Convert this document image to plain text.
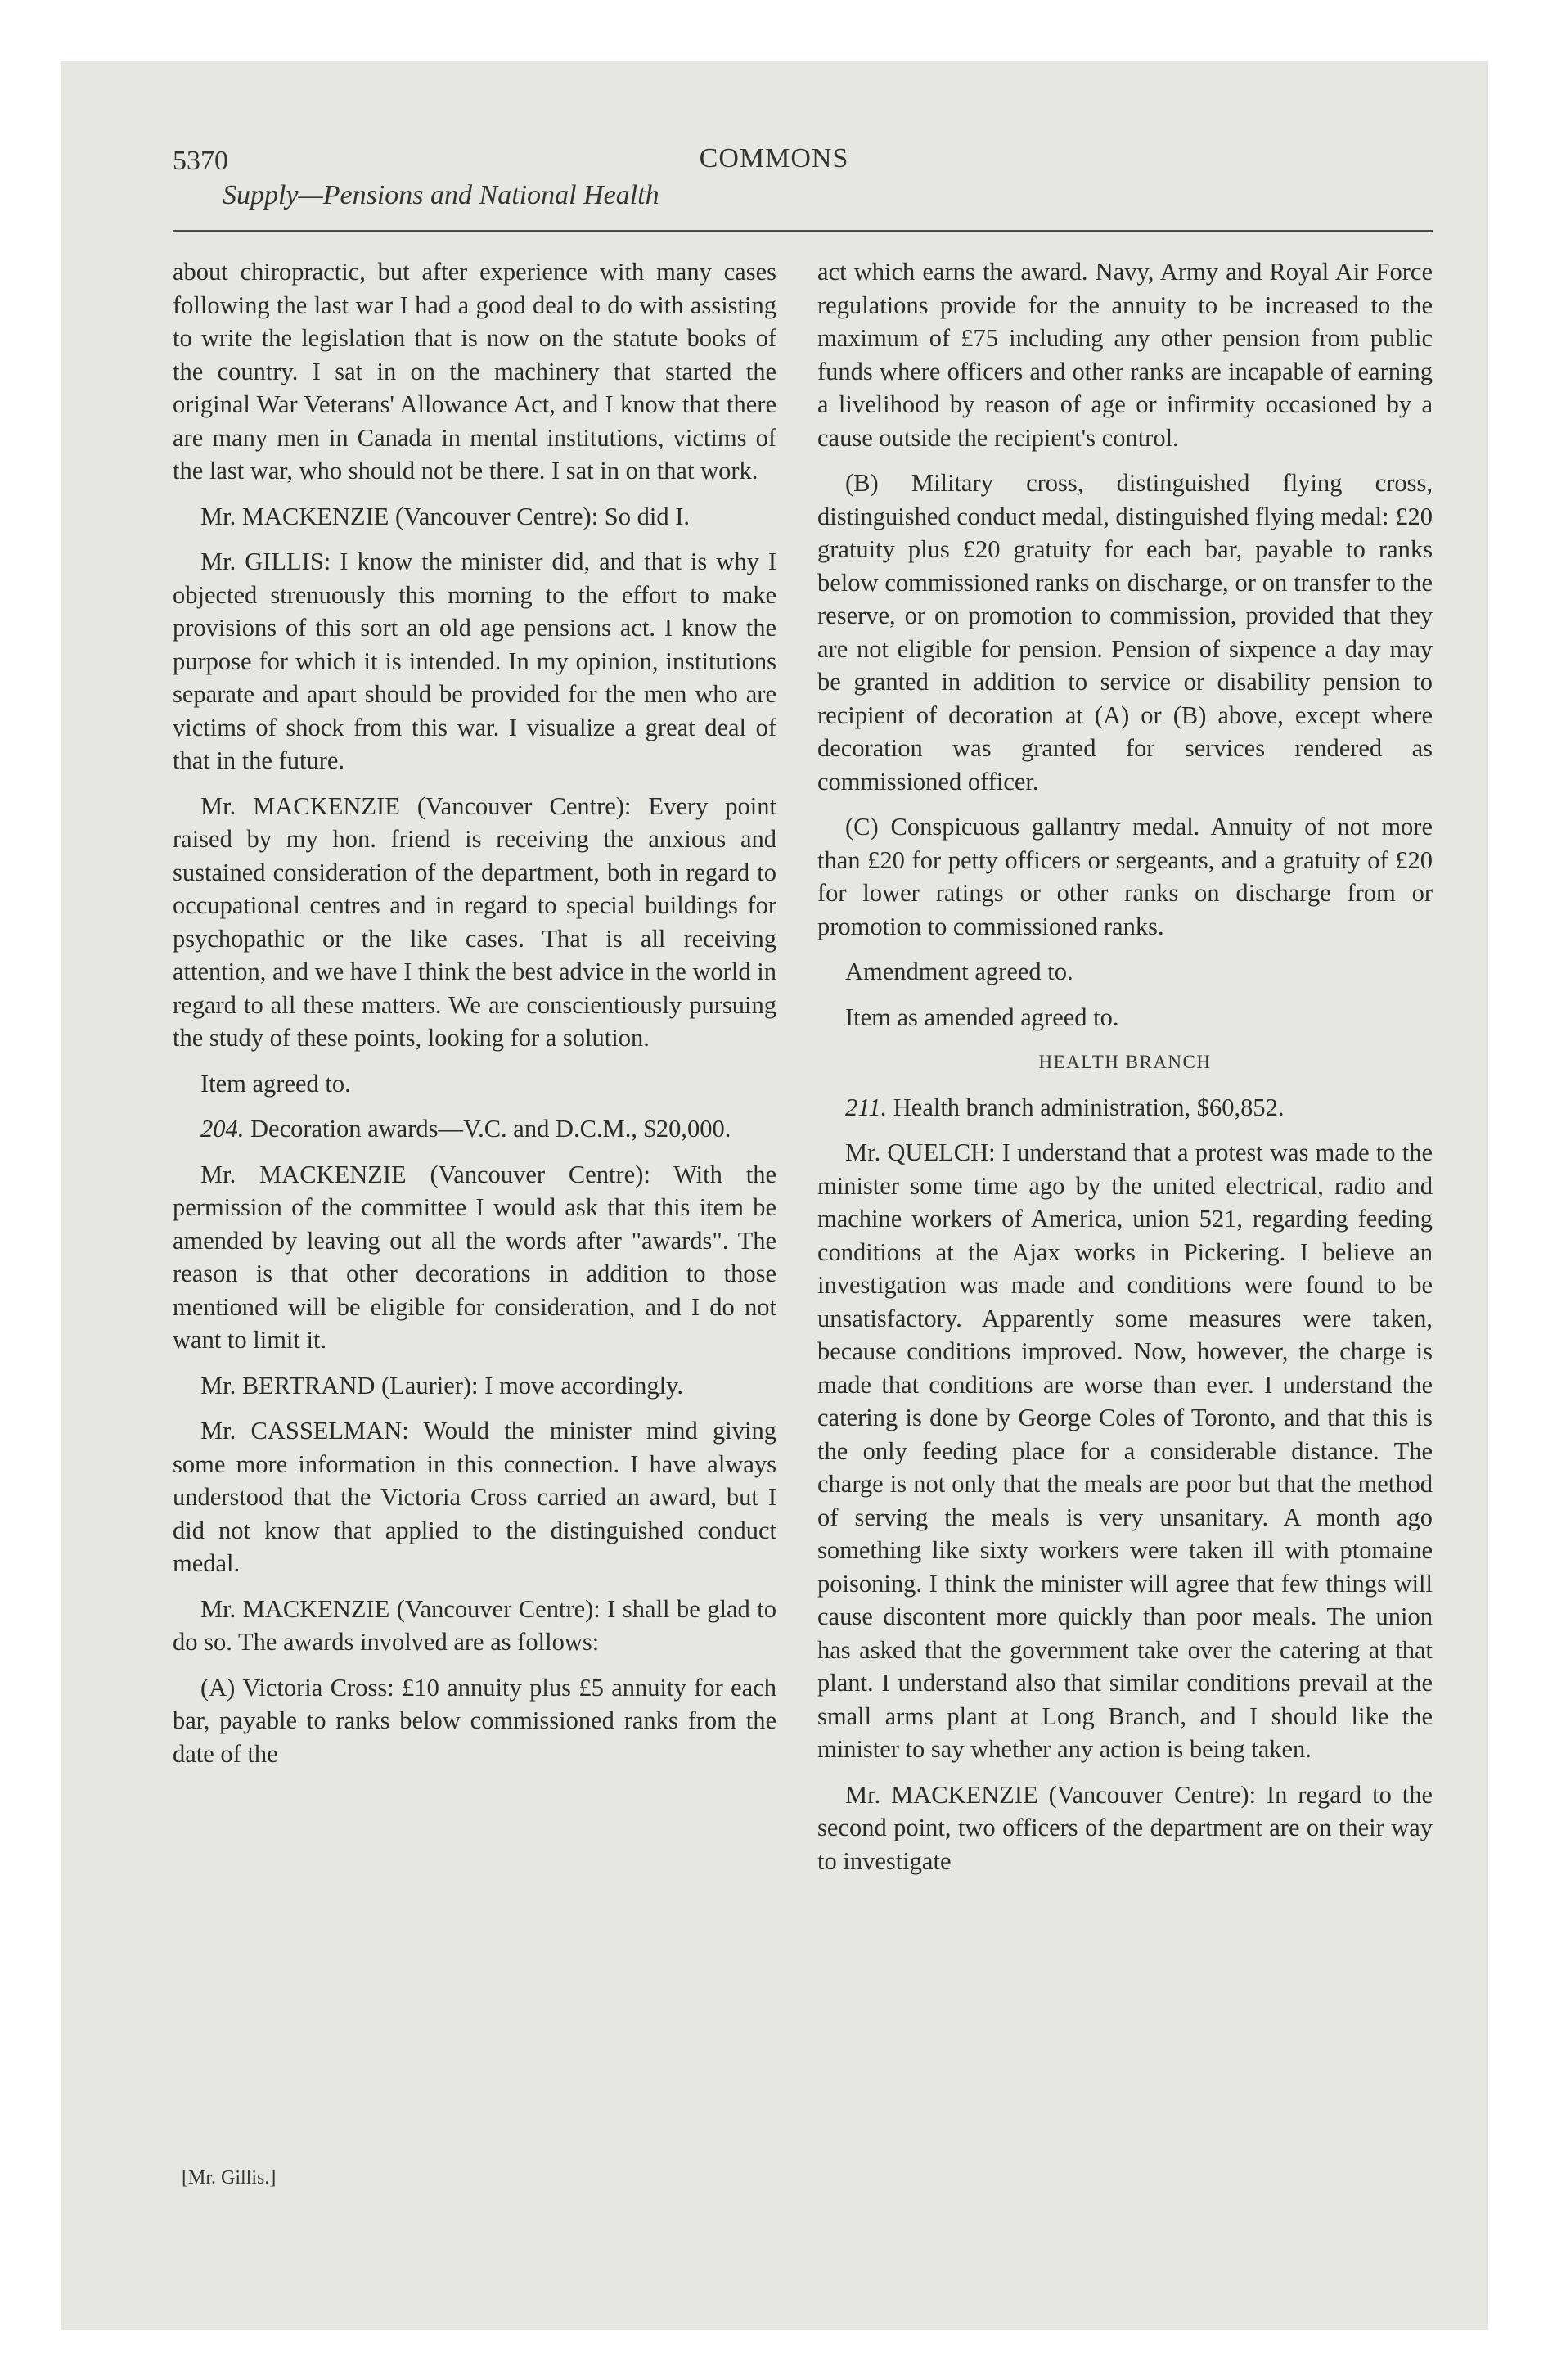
5370	COMMONS
Supply—Pensions and National Health

about chiropractic, but after experience with many cases following the last war I had a good deal to do with assisting to write the legislation that is now on the statute books of the country. I sat in on the machinery that started the original War Veterans' Allowance Act, and I know that there are many men in Canada in mental institutions, victims of the last war, who should not be there. I sat in on that work.

Mr. MACKENZIE (Vancouver Centre): So did I.

Mr. GILLIS: I know the minister did, and that is why I objected strenuously this morning to the effort to make provisions of this sort an old age pensions act. I know the purpose for which it is intended. In my opinion, institutions separate and apart should be provided for the men who are victims of shock from this war. I visualize a great deal of that in the future.

Mr. MACKENZIE (Vancouver Centre): Every point raised by my hon. friend is receiving the anxious and sustained consideration of the department, both in regard to occupational centres and in regard to special buildings for psychopathic or the like cases. That is all receiving attention, and we have I think the best advice in the world in regard to all these matters. We are conscientiously pursuing the study of these points, looking for a solution.

Item agreed to.

204. Decoration awards—V.C. and D.C.M., $20,000.

Mr. MACKENZIE (Vancouver Centre): With the permission of the committee I would ask that this item be amended by leaving out all the words after "awards". The reason is that other decorations in addition to those mentioned will be eligible for consideration, and I do not want to limit it.

Mr. BERTRAND (Laurier): I move accordingly.

Mr. CASSELMAN: Would the minister mind giving some more information in this connection. I have always understood that the Victoria Cross carried an award, but I did not know that applied to the distinguished conduct medal.

Mr. MACKENZIE (Vancouver Centre): I shall be glad to do so. The awards involved are as follows:

(A) Victoria Cross: £10 annuity plus £5 annuity for each bar, payable to ranks below commissioned ranks from the date of the

act which earns the award. Navy, Army and Royal Air Force regulations provide for the annuity to be increased to the maximum of £75 including any other pension from public funds where officers and other ranks are incapable of earning a livelihood by reason of age or infirmity occasioned by a cause outside the recipient's control.

(B) Military cross, distinguished flying cross, distinguished conduct medal, distinguished flying medal: £20 gratuity plus £20 gratuity for each bar, payable to ranks below commissioned ranks on discharge, or on transfer to the reserve, or on promotion to commission, provided that they are not eligible for pension. Pension of sixpence a day may be granted in addition to service or disability pension to recipient of decoration at (A) or (B) above, except where decoration was granted for services rendered as commissioned officer.

(C) Conspicuous gallantry medal. Annuity of not more than £20 for petty officers or sergeants, and a gratuity of £20 for lower ratings or other ranks on discharge from or promotion to commissioned ranks.

Amendment agreed to.

Item as amended agreed to.

HEALTH BRANCH

211. Health branch administration, $60,852.

Mr. QUELCH: I understand that a protest was made to the minister some time ago by the united electrical, radio and machine workers of America, union 521, regarding feeding conditions at the Ajax works in Pickering. I believe an investigation was made and conditions were found to be unsatisfactory. Apparently some measures were taken, because conditions improved. Now, however, the charge is made that conditions are worse than ever. I understand the catering is done by George Coles of Toronto, and that this is the only feeding place for a considerable distance. The charge is not only that the meals are poor but that the method of serving the meals is very unsanitary. A month ago something like sixty workers were taken ill with ptomaine poisoning. I think the minister will agree that few things will cause discontent more quickly than poor meals. The union has asked that the government take over the catering at that plant. I understand also that similar conditions prevail at the small arms plant at Long Branch, and I should like the minister to say whether any action is being taken.

Mr. MACKENZIE (Vancouver Centre): In regard to the second point, two officers of the department are on their way to investigate

[Mr. Gillis.]
